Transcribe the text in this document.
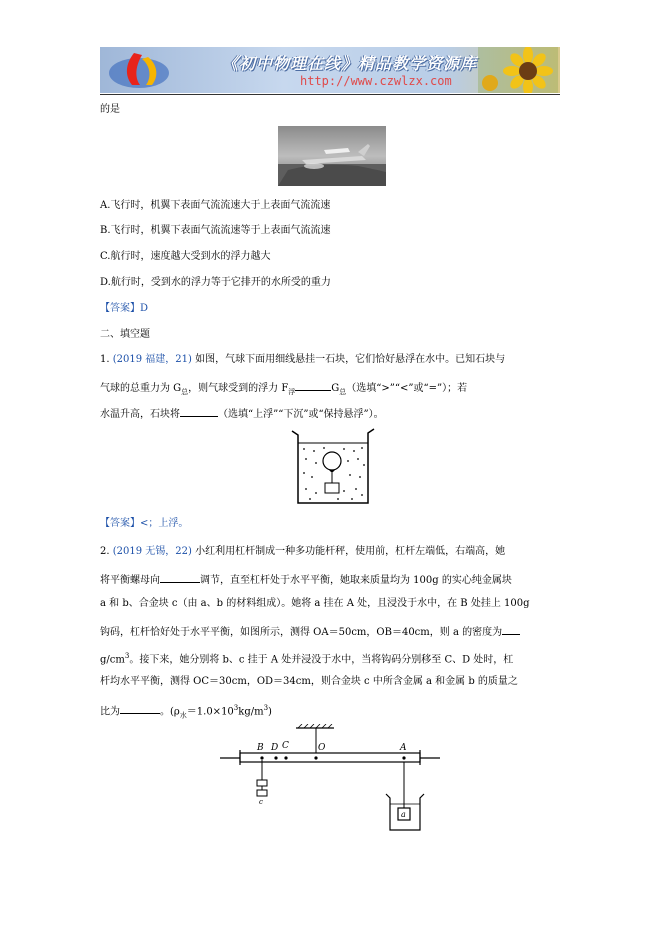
《初中物理在线》精品教学资源库
http://www.czwlzx.com
的是
A.飞行时，机翼下表面气流流速大于上表面气流流速
B.飞行时，机翼下表面气流流速等于上表面气流流速
C.航行时，速度越大受到水的浮力越大
D.航行时，受到水的浮力等于它排开的水所受的重力
【答案】D
二、填空题
1. (2019 福建，21) 如图，气球下面用细线悬挂一石块，它们恰好悬浮在水中。已知石块与
气球的总重力为 $G_总$，则气球受到的浮力 $F_浮$	$G_总$（选填“>”“<”或“=”）；若
水温升高，石块将	（选填“上浮”“下沉”或“保持悬浮”）。
【答案】<；上浮。
2. (2019 无锡，22) 小红利用杠杆制成一种多功能杆秤，使用前，杠杆左端低，右端高，她
将平衡螺母向	调节，直至杠杆处于水平平衡，她取来质量均为 100g 的实心纯金属块
a 和 b、合金块 c（由 a、b 的材料组成）。她将 a 挂在 A 处，且浸没于水中，在 B 处挂上 100g
钩码，杠杆恰好处于水平平衡，如图所示，测得 OA＝50cm，OB＝40cm，则 a 的密度为
$g/cm^3$。接下来，她分别将 b、c 挂于 A 处并浸没于水中，当将钩码分别移至 C、D 处时，杠
杆均水平平衡，测得 OC＝30cm，OD＝34cm，则合金块 c 中所含金属 a 和金属 b 的质量之
比为	。$(\rho_水=1.0\times 10^3kg/m^3)$
B D C	O	A
c
a
